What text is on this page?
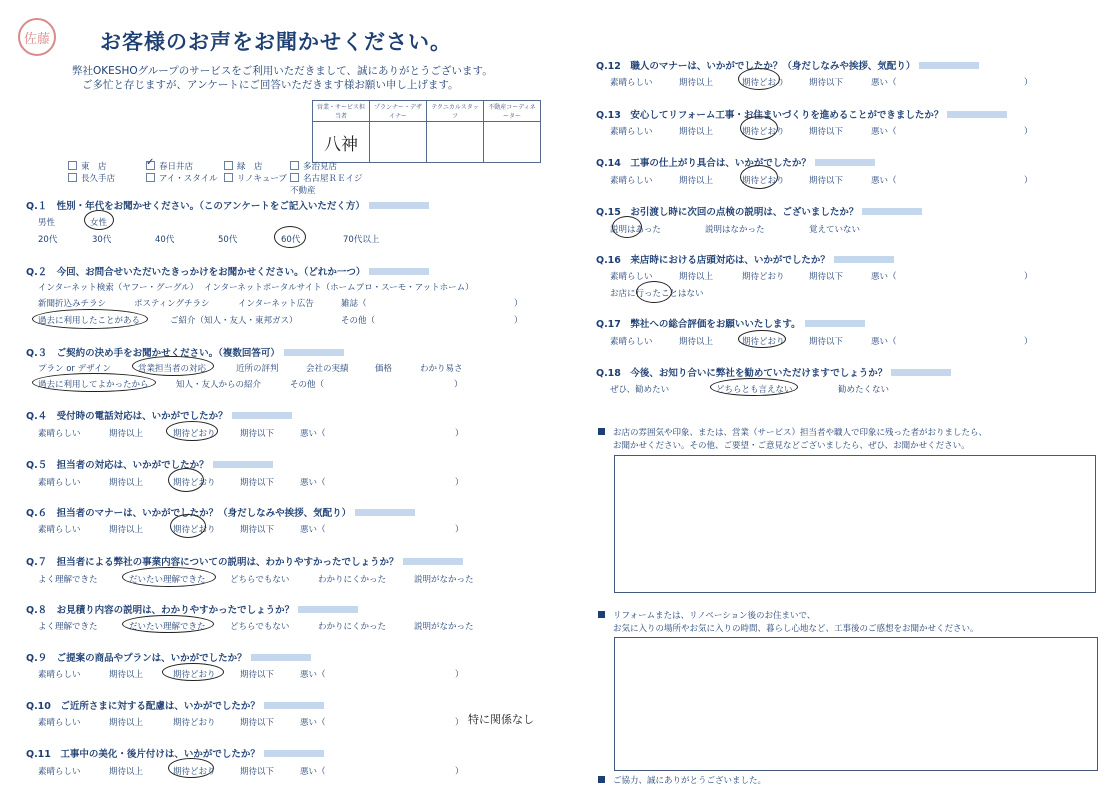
佐藤 お客様のお声をお聞かせください。
弊社OKESHOグループのサービスをご利用いただきまして、誠にありがとうございます。
ご多忙と存じますが、アンケートにご回答いただきます様お願い申し上げます。
営業・サービス担当者	プランナー・デザイナー	テクニカルスタッフ	不動産コーディネーター
八神			
東　店 ✓	春日井店	緑　店	多治見店
長久手店	アイ・スタイル	リノキューブ	名古屋ＲＥイジ不動産
Q.１　性別・年代をお聞かせください。（このアンケートをご記入いただく方）
男性	女性
20代	30代	40代	50代	60代	70代以上
Q.２　今回、お問合せいただいたきっかけをお聞かせください。（どれか一つ）
インターネット検索（ヤフー・グーグル） インターネットポータルサイト（ホームプロ・スーモ・アットホーム）
新聞折込みチラシ	ポスティングチラシ	インターネット広告	雑誌（	）
過去に利用したことがある	ご紹介（知人・友人・東邦ガス）	その他（	）
Q.３　ご契約の決め手をお聞かせください。（複数回答可）
プラン or デザイン	営業担当者の対応	近所の評判	会社の実績	価格	わかり易さ
過去に利用してよかったから	知人・友人からの紹介	その他（	）
Q.４　受付時の電話対応は、いかがでしたか？
素晴らしい	期待以上	期待どおり	期待以下	悪い（	）
Q.５　担当者の対応は、いかがでしたか？
素晴らしい	期待以上	期待どおり	期待以下	悪い（	）
Q.６　担当者のマナーは、いかがでしたか？（身だしなみや挨拶、気配り）
素晴らしい	期待以上	期待どおり	期待以下	悪い（	）
Q.７　担当者による弊社の事業内容についての説明は、わかりやすかったでしょうか？
よく理解できた	だいたい理解できた	どちらでもない	わかりにくかった	説明がなかった
Q.８　お見積り内容の説明は、わかりやすかったでしょうか？
よく理解できた	だいたい理解できた	どちらでもない	わかりにくかった	説明がなかった
Q.９　ご提案の商品やプランは、いかがでしたか？
素晴らしい	期待以上	期待どおり	期待以下	悪い（	）
Q.10　ご近所さまに対する配慮は、いかがでしたか？
素晴らしい	期待以上	期待どおり	期待以下	悪い（	） 特に関係なし
Q.11　工事中の美化・後片付けは、いかがでしたか？
素晴らしい	期待以上	期待どおり	期待以下	悪い（	）
Q.12　職人のマナーは、いかがでしたか？（身だしなみや挨拶、気配り）
素晴らしい	期待以上	期待どおり	期待以下	悪い（	）
Q.13　安心してリフォーム工事・お住まいづくりを進めることができましたか？
素晴らしい	期待以上	期待どおり	期待以下	悪い（	）
Q.14　工事の仕上がり具合は、いかがでしたか？
素晴らしい	期待以上	期待どおり	期待以下	悪い（	）
Q.15　お引渡し時に次回の点検の説明は、ございましたか？
説明はあった	説明はなかった	覚えていない
Q.16　来店時における店頭対応は、いかがでしたか？
素晴らしい	期待以上	期待どおり	期待以下	悪い（	）
お店に行ったことはない
Q.17　弊社への総合評価をお願いいたします。
素晴らしい	期待以上	期待どおり	期待以下	悪い（	）
Q.18　今後、お知り合いに弊社を勧めていただけますでしょうか？
ぜひ、勧めたい	どちらとも言えない	勧めたくない
お店の雰囲気や印象、または、営業（サービス）担当者や職人で印象に残った者がおりましたら、
お聞かせください。その他、ご要望・ご意見などございましたら、ぜひ、お聞かせください。
リフォームまたは、リノベーション後のお住まいで、
お気に入りの場所やお気に入りの時間、暮らし心地など、工事後のご感想をお聞かせください。
ご協力、誠にありがとうございました。
